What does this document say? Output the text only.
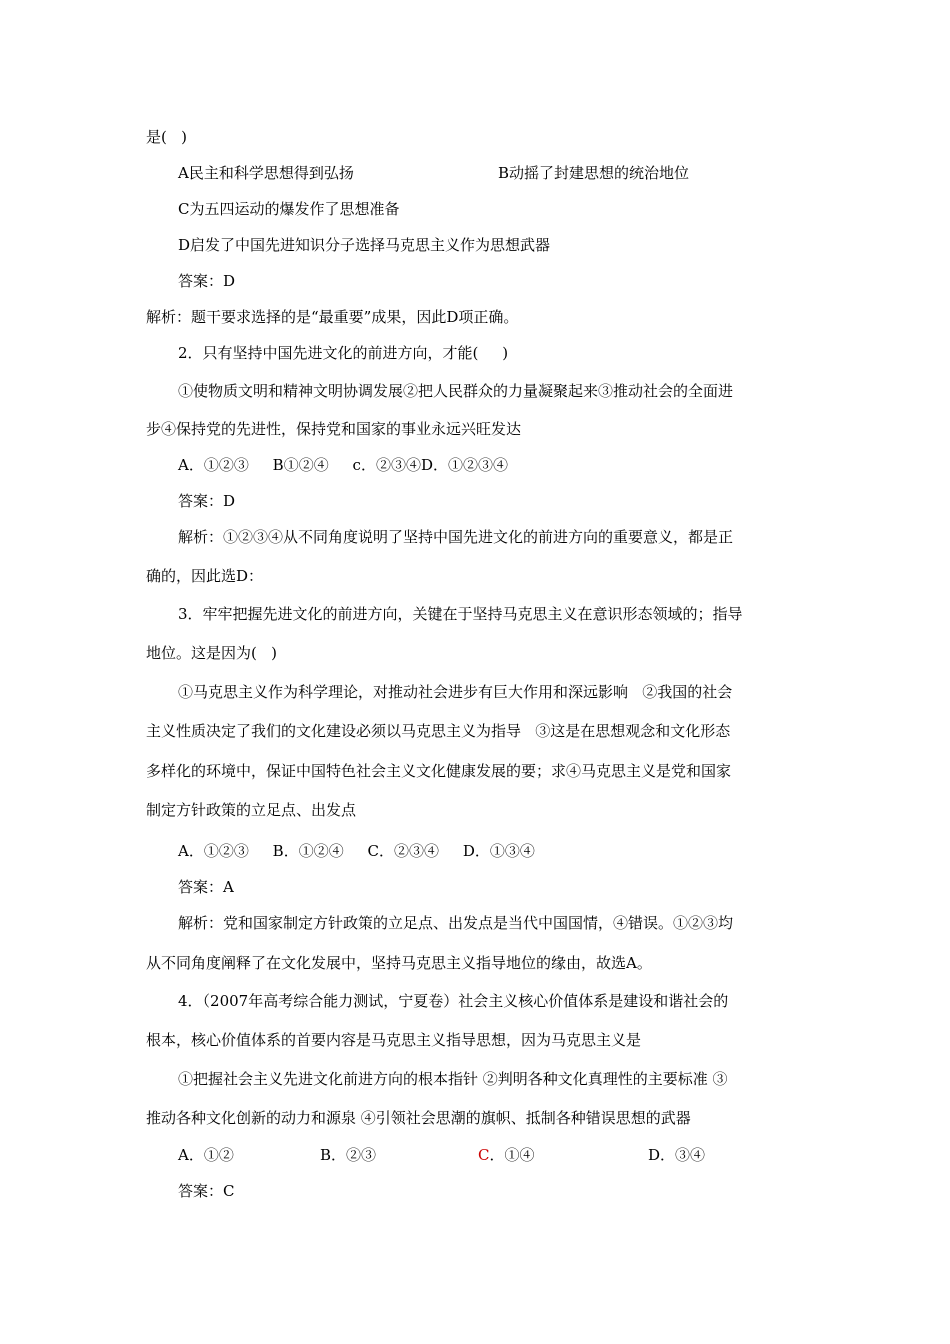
是(   )
A民主和科学思想得到弘扬	B动摇了封建思想的统治地位
C为五四运动的爆发作了思想准备
D启发了中国先进知识分子选择马克思主义作为思想武器
答案：D
解析：题干要求选择的是“最重要”成果，因此D项正确。
2．只有坚持中国先进文化的前进方向，才能(     )
①使物质文明和精神文明协调发展②把人民群众的力量凝聚起来③推动社会的全面进
步④保持党的先进性，保持党和国家的事业永远兴旺发达
A．①②③     B①②④     c．②③④D．①②③④
答案：D
解析：①②③④从不同角度说明了坚持中国先进文化的前进方向的重要意义，都是正
确的，因此选D：
3．牢牢把握先进文化的前进方向，关键在于坚持马克思主义在意识形态领域的；指导
地位。这是因为(   )
①马克思主义作为科学理论，对推动社会进步有巨大作用和深远影响   ②我国的社会
主义性质决定了我们的文化建设必须以马克思主义为指导   ③这是在思想观念和文化形态
多样化的环境中，保证中国特色社会主义文化健康发展的要；求④马克思主义是党和国家
制定方针政策的立足点、出发点
A．①②③     B．①②④     C．②③④     D．①③④
答案：A
解析：党和国家制定方针政策的立足点、出发点是当代中国国情，④错误。①②③均
从不同角度阐释了在文化发展中，坚持马克思主义指导地位的缘由，故选A。
4．（2007年高考综合能力测试，宁夏卷）社会主义核心价值体系是建设和谐社会的
根本，核心价值体系的首要内容是马克思主义指导思想，因为马克思主义是
①把握社会主义先进文化前进方向的根本指针 ②判明各种文化真理性的主要标准 ③
推动各种文化创新的动力和源泉 ④引领社会思潮的旗帜、抵制各种错误思想的武器
A．①②	B．②③	C．①④	D．③④
答案：C
